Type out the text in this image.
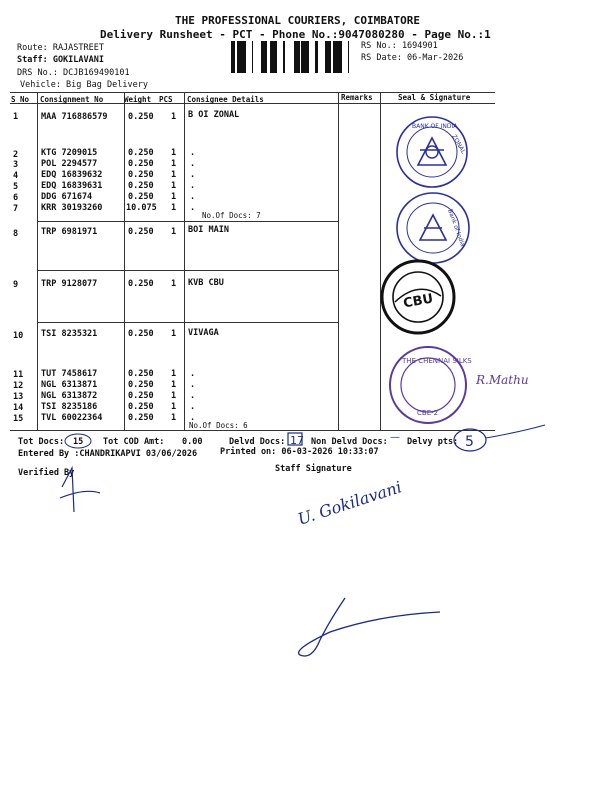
THE PROFESSIONAL COURIERS, COIMBATORE
Delivery Runsheet - PCT - Phone No.:9047080280 - Page No.:1
Route: RAJASTREET
Staff: GOKILAVANI
DRS No.: DCJB169490101
Vehicle: Big Bag Delivery
RS No.: 1694901
RS Date: 06-Mar-2026
S No Consignment No	Weight PCS Consignee Details	Remarks	Seal & Signature
1	MAA 716886579 0.250 1 B OI ZONAL
2	KTG 7209015	0.250 1 .
3	POL 2294577	0.250 1 .
4	EDQ 16839632	0.250 1 .
5	EDQ 16839631	0.250 1 .
6	DDG 671674	0.250 1 .
7	KRR 30193260	10.075 1 .
No.Of Docs: 7
8	TRP 6981971	0.250 1 BOI MAIN
9	TRP 9128077	0.250 1 KVB CBU
10 TSI 8235321	0.250 1 VIVAGA
11 TUT 7458617	0.250 1 .
12 NGL 6313871	0.250 1 .
13 NGL 6313872	0.250 1 .
14 TSI 8235186	0.250 1 .
15 TVL 60022364	0.250 1 .
No.Of Docs: 6
Tot Docs: 15 Tot COD Amt: 0.00	Delvd Docs:	Non Delvd Docs: Delvy pts:
Entered By :CHANDRIKAPVI 03/06/2026	Printed on: 06-03-2026 10:33:07
Verified By	Staff Signature
17	—	5
BANK OF INDIA
ZONAL
Bank of India
CBU
THE CHENNAI SILKS
CBE-2
R.Mathu
U. Gokilavani
